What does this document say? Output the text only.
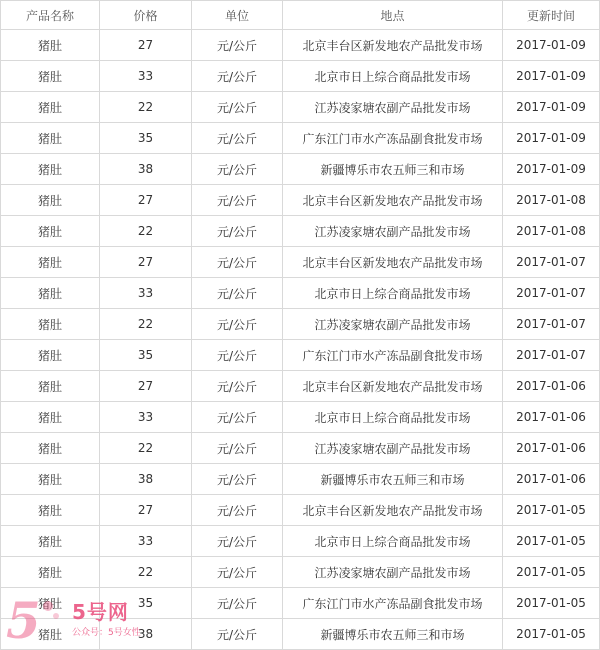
产品名称	价格	单位	地点	更新时间
猪肚	27	元/公斤	北京丰台区新发地农产品批发市场	2017-01-09
猪肚	33	元/公斤	北京市日上综合商品批发市场	2017-01-09
猪肚	22	元/公斤	江苏凌家塘农副产品批发市场	2017-01-09
猪肚	35	元/公斤	广东江门市水产冻品副食批发市场	2017-01-09
猪肚	38	元/公斤	新疆博乐市农五师三和市场	2017-01-09
猪肚	27	元/公斤	北京丰台区新发地农产品批发市场	2017-01-08
猪肚	22	元/公斤	江苏凌家塘农副产品批发市场	2017-01-08
猪肚	27	元/公斤	北京丰台区新发地农产品批发市场	2017-01-07
猪肚	33	元/公斤	北京市日上综合商品批发市场	2017-01-07
猪肚	22	元/公斤	江苏凌家塘农副产品批发市场	2017-01-07
猪肚	35	元/公斤	广东江门市水产冻品副食批发市场	2017-01-07
猪肚	27	元/公斤	北京丰台区新发地农产品批发市场	2017-01-06
猪肚	33	元/公斤	北京市日上综合商品批发市场	2017-01-06
猪肚	22	元/公斤	江苏凌家塘农副产品批发市场	2017-01-06
猪肚	38	元/公斤	新疆博乐市农五师三和市场	2017-01-06
猪肚	27	元/公斤	北京丰台区新发地农产品批发市场	2017-01-05
猪肚	33	元/公斤	北京市日上综合商品批发市场	2017-01-05
猪肚	22	元/公斤	江苏凌家塘农副产品批发市场	2017-01-05
猪肚	35	元/公斤	广东江门市水产冻品副食批发市场	2017-01-05
猪肚	38	元/公斤	新疆博乐市农五师三和市场	2017-01-05
5 5号网
公众号：5号女性
